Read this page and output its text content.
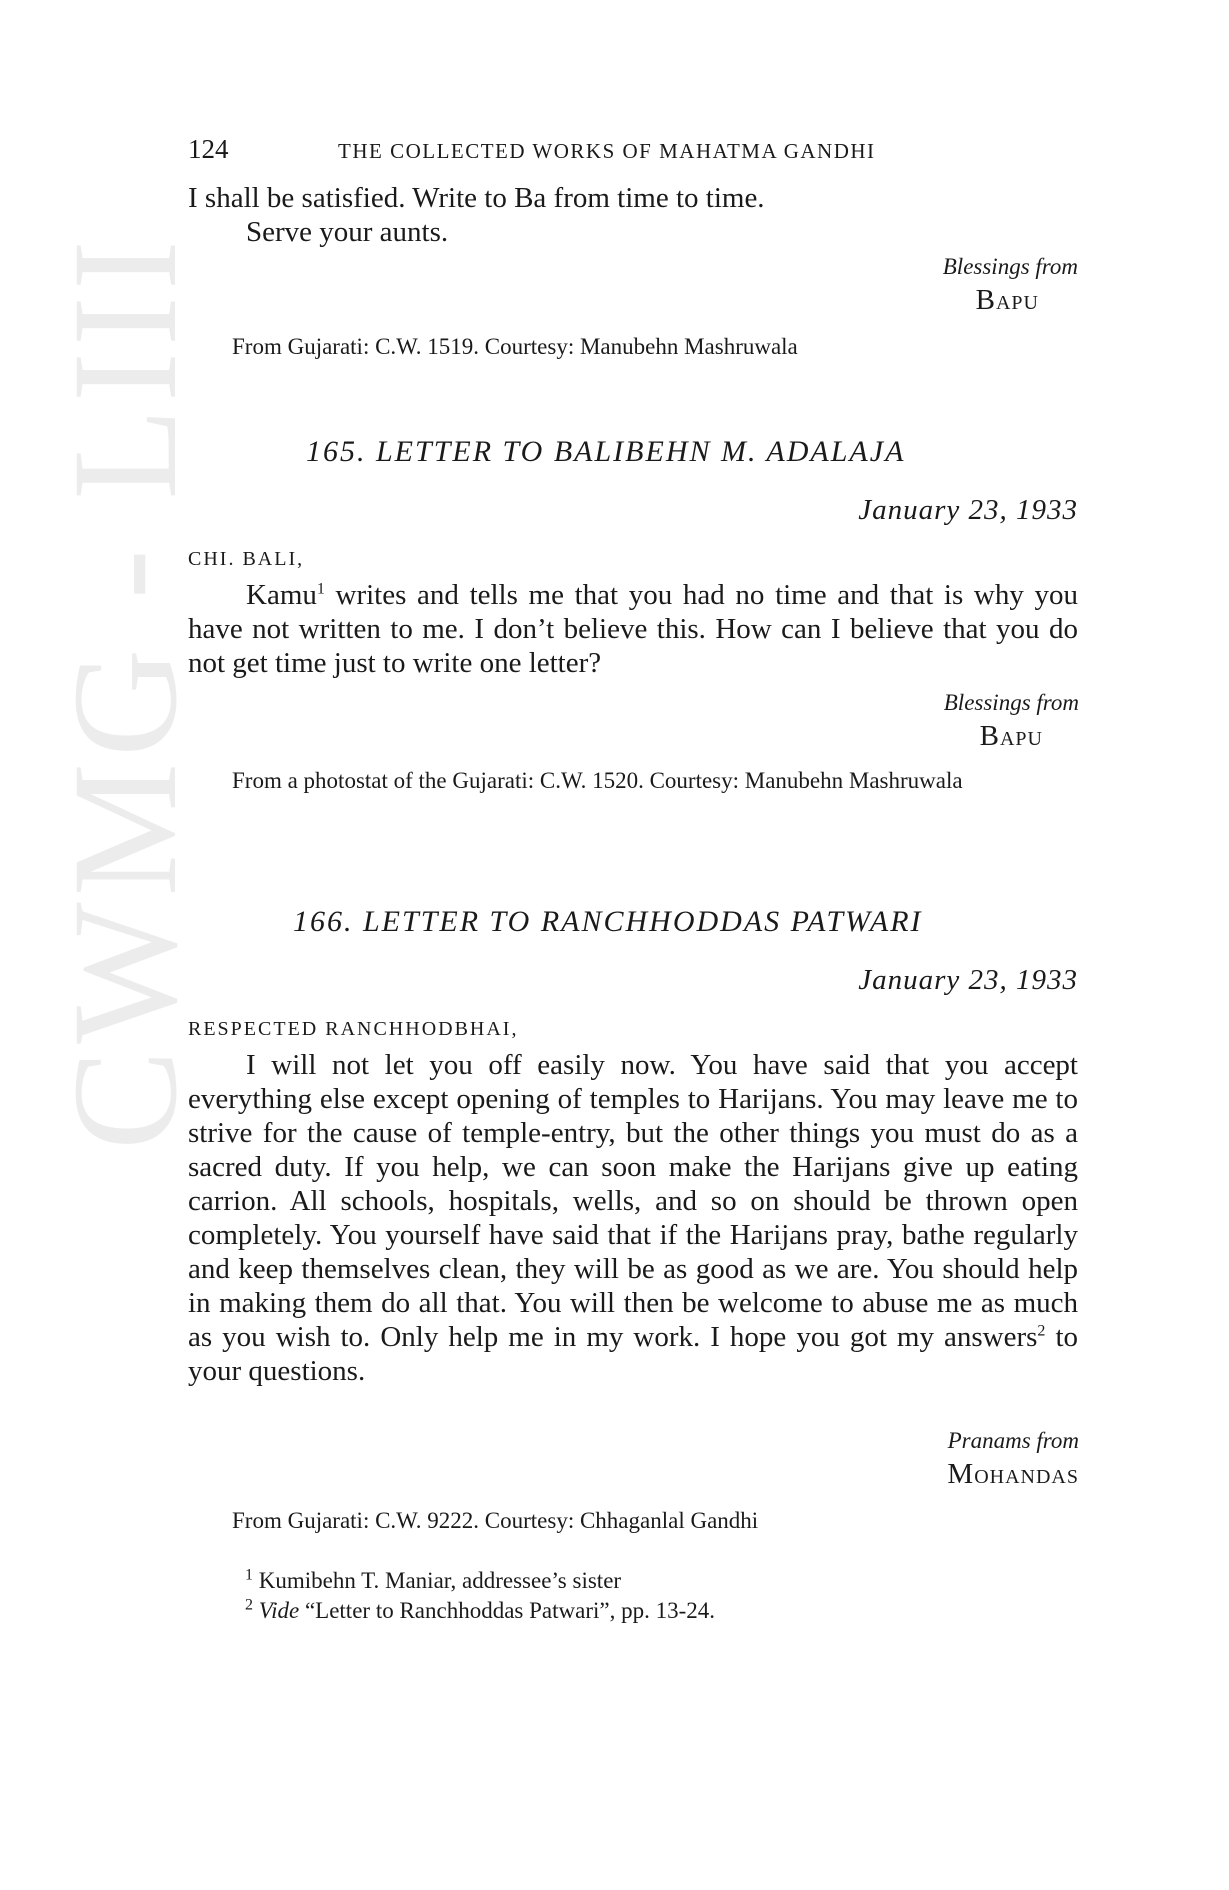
CWMG - LIII
124	THE COLLECTED WORKS OF MAHATMA GANDHI
I shall be satisfied. Write to Ba from time to time.
Serve your aunts.
Blessings from
Bapu
From Gujarati: C.W. 1519. Courtesy: Manubehn Mashruwala
165. LETTER TO BALIBEHN M. ADALAJA
January 23, 1933
CHI. BALI,

Kamu$^1$ writes and tells me that you had no time and that is why you have not written to me. I don’t believe this. How can I believe that you do not get time just to write one letter?

Blessings from
Bapu

From a photostat of the Gujarati: C.W. 1520. Courtesy: Manubehn Mashruwala

166. LETTER TO RANCHHODDAS PATWARI
January 23, 1933
RESPECTED RANCHHODBHAI,

I will not let you off easily now. You have said that you accept everything else except opening of temples to Harijans. You may leave me to strive for the cause of temple-entry, but the other things you must do as a sacred duty. If you help, we can soon make the Harijans give up eating carrion. All schools, hospitals, wells, and so on should be thrown open completely. You yourself have said that if the Harijans pray, bathe regularly and keep themselves clean, they will be as good as we are. You should help in making them do all that. You will then be welcome to abuse me as much as you wish to. Only help me in my work. I hope you got my answers$^2$ to your questions.

Pranams from
Mohandas
From Gujarati: C.W. 9222. Courtesy: Chhaganlal Gandhi
$^1$ Kumibehn T. Maniar, addressee’s sister
$^2$ Vide “Letter to Ranchhoddas Patwari”, pp. 13-24.
